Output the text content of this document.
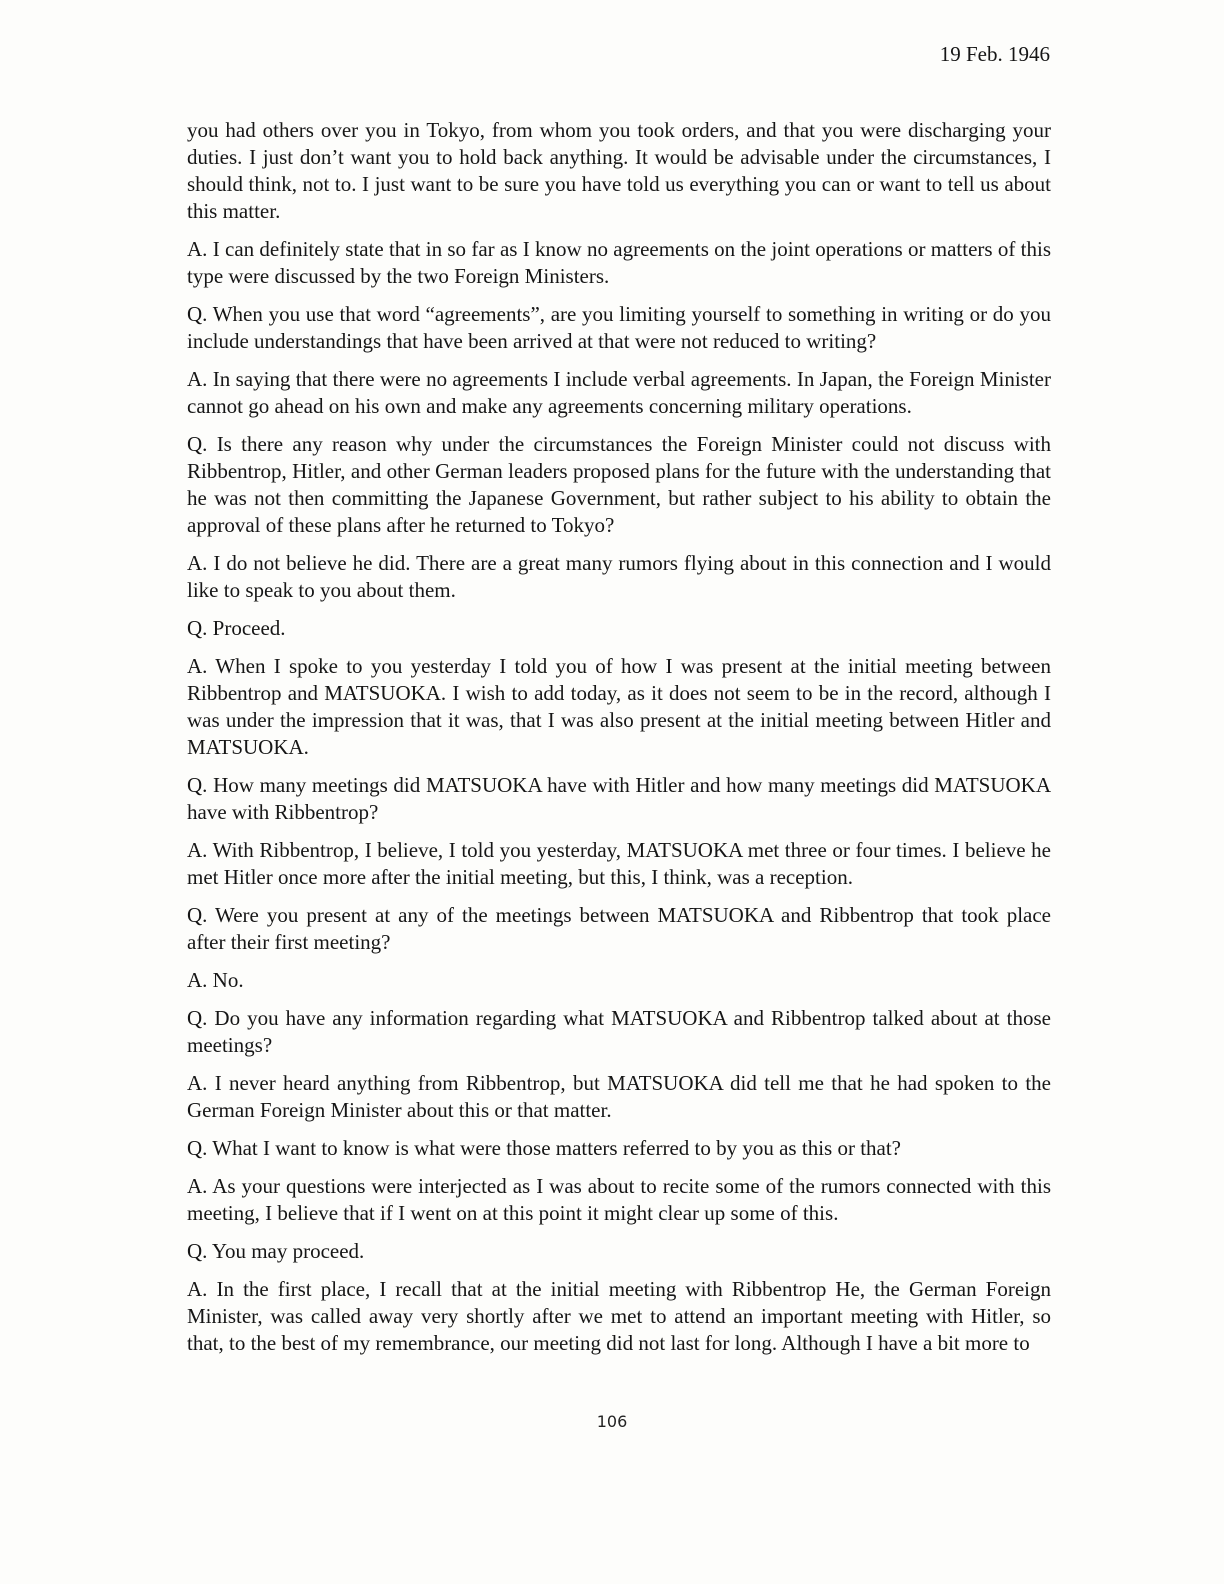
19 Feb. 1946

you had others over you in Tokyo, from whom you took orders, and that you were discharging your duties. I just don’t want you to hold back anything. It would be advisable under the circumstances, I should think, not to. I just want to be sure you have told us everything you can or want to tell us about this matter.

A. I can definitely state that in so far as I know no agreements on the joint operations or matters of this type were discussed by the two Foreign Ministers.

Q. When you use that word “agreements”, are you limiting yourself to something in writing or do you include understandings that have been arrived at that were not reduced to writing?

A. In saying that there were no agreements I include verbal agreements. In Japan, the Foreign Minister cannot go ahead on his own and make any agreements concerning military operations.

Q. Is there any reason why under the circumstances the Foreign Minister could not discuss with Ribbentrop, Hitler, and other German leaders proposed plans for the future with the understanding that he was not then committing the Japanese Government, but rather subject to his ability to obtain the approval of these plans after he returned to Tokyo?

A. I do not believe he did. There are a great many rumors flying about in this connection and I would like to speak to you about them.

Q. Proceed.

A. When I spoke to you yesterday I told you of how I was present at the initial meeting between Ribbentrop and MATSUOKA. I wish to add today, as it does not seem to be in the record, although I was under the impression that it was, that I was also present at the initial meeting between Hitler and MATSUOKA.

Q. How many meetings did MATSUOKA have with Hitler and how many meetings did MATSUOKA have with Ribbentrop?

A. With Ribbentrop, I believe, I told you yesterday, MATSUOKA met three or four times. I believe he met Hitler once more after the initial meeting, but this, I think, was a reception.

Q. Were you present at any of the meetings between MATSUOKA and Ribbentrop that took place after their first meeting?

A. No.

Q. Do you have any information regarding what MATSUOKA and Ribbentrop talked about at those meetings?

A. I never heard anything from Ribbentrop, but MATSUOKA did tell me that he had spoken to the German Foreign Minister about this or that matter.

Q. What I want to know is what were those matters referred to by you as this or that?

A. As your questions were interjected as I was about to recite some of the rumors connected with this meeting, I believe that if I went on at this point it might clear up some of this.

Q. You may proceed.

A. In the first place, I recall that at the initial meeting with Ribbentrop He, the German Foreign Minister, was called away very shortly after we met to attend an important meeting with Hitler, so that, to the best of my remembrance, our meeting did not last for long. Although I have a bit more to

106
